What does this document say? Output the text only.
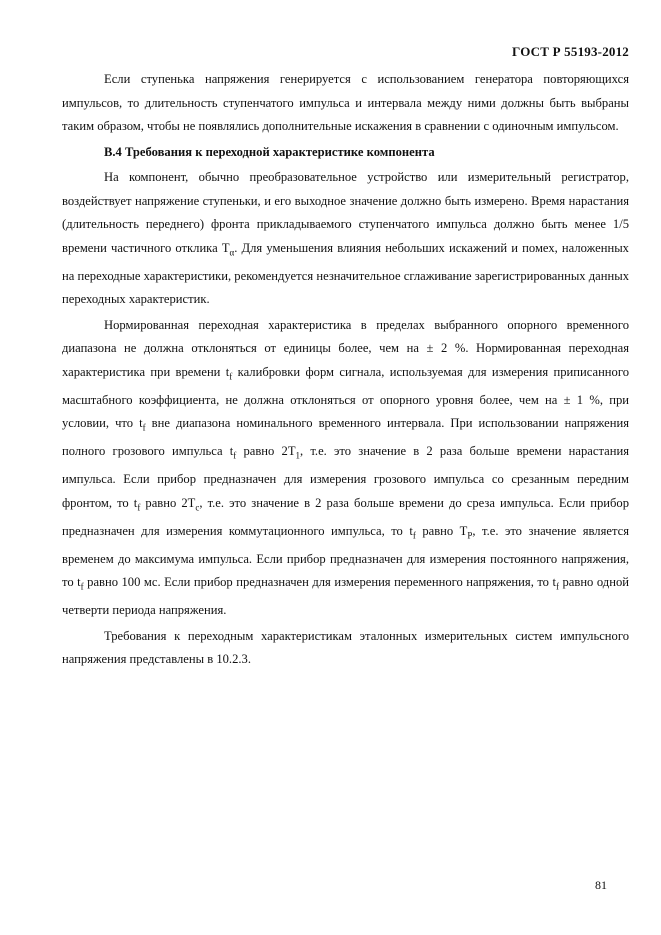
ГОСТ Р 55193-2012

Если ступенька напряжения генерируется с использованием генератора повторяющихся импульсов, то длительность ступенчатого импульса и интервала между ними должны быть выбраны таким образом, чтобы не появлялись дополнительные искажения в сравнении с одиночным импульсом.

В.4 Требования к переходной характеристике компонента

На компонент, обычно преобразовательное устройство или измерительный регистратор, воздействует напряжение ступеньки, и его выходное значение должно быть измерено. Время нарастания (длительность переднего) фронта прикладываемого ступенчатого импульса должно быть менее 1/5 времени частичного отклика $T_\alpha$. Для уменьшения влияния небольших искажений и помех, наложенных на переходные характеристики, рекомендуется незначительное сглаживание зарегистрированных данных переходных характеристик.

Нормированная переходная характеристика в пределах выбранного опорного временного диапазона не должна отклоняться от единицы более, чем на ± 2 %. Нормированная переходная характеристика при времени $t_f$ калибровки форм сигнала, используемая для измерения приписанного масштабного коэффициента, не должна отклоняться от опорного уровня более, чем на ± 1 %, при условии, что $t_f$ вне диапазона номинального временного интервала. При использовании напряжения полного грозового импульса $t_f$ равно $2T_1$, т.е. это значение в 2 раза больше времени нарастания импульса. Если прибор предназначен для измерения грозового импульса со срезанным передним фронтом, то $t_f$ равно $2T_c$, т.е. это значение в 2 раза больше времени до среза импульса. Если прибор предназначен для измерения коммутационного импульса, то $t_f$ равно $T_P$, т.е. это значение является временем до максимума импульса. Если прибор предназначен для измерения постоянного напряжения, то $t_f$ равно 100 мс. Если прибор предназначен для измерения переменного напряжения, то $t_f$ равно одной четверти периода напряжения.

Требования к переходным характеристикам эталонных измерительных систем импульсного напряжения представлены в 10.2.3.

81
